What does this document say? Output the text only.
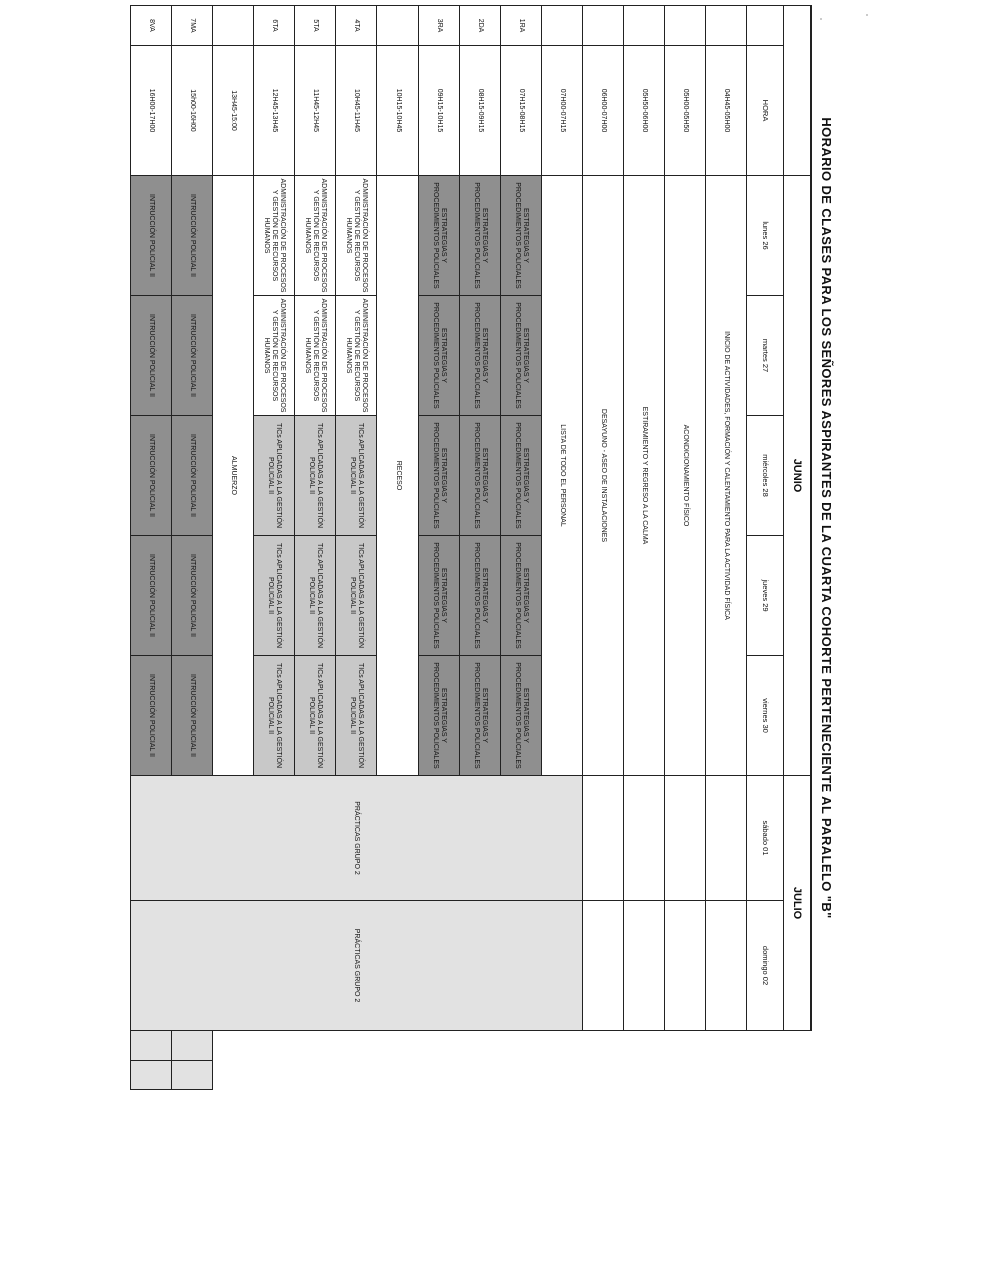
HORARIO DE CLASES PARA LOS SEÑORES ASPIRANTES DE LA CUARTA COHORTE PERTENECIENTE AL PARALELO "B"										
		JUNIO					JULIO			
	HORA	lunes 26	martes 27	miércoles 28	jueves 29	viernes 30	sábado 01	domingo 02		
	04H45-05H00	INICIO DE ACTIVIDADES, FORMACIÓN Y CALENTAMIENTO PARA LA ACTIVIDAD FÍSICA								
	05H00-05H50	ACONDICIONAMIENTO FÍSICO								
	05H50-06H00	ESTIRAMIENTO Y REGRESO A LA CALMA								
	06H00-07H00	DESAYUNO - ASEO DE INSTALACIONES								
	07H00-07H15	LISTA DE TODO EL PERSONAL					PRÁCTICAS GRUPO 2	PRÁCTICAS GRUPO 2		
1RA	07H15-08H15	ESTRATEGIAS Y PROCEDIMIENTOS POLICIALES	ESTRATEGIAS Y PROCEDIMIENTOS POLICIALES	ESTRATEGIAS Y PROCEDIMIENTOS POLICIALES	ESTRATEGIAS Y PROCEDIMIENTOS POLICIALES	ESTRATEGIAS Y PROCEDIMIENTOS POLICIALES				
2DA	08H15-09H15	ESTRATEGIAS Y PROCEDIMIENTOS POLICIALES	ESTRATEGIAS Y PROCEDIMIENTOS POLICIALES	ESTRATEGIAS Y PROCEDIMIENTOS POLICIALES	ESTRATEGIAS Y PROCEDIMIENTOS POLICIALES	ESTRATEGIAS Y PROCEDIMIENTOS POLICIALES				
3RA	09H15-10H15	ESTRATEGIAS Y PROCEDIMIENTOS POLICIALES	ESTRATEGIAS Y PROCEDIMIENTOS POLICIALES	ESTRATEGIAS Y PROCEDIMIENTOS POLICIALES	ESTRATEGIAS Y PROCEDIMIENTOS POLICIALES	ESTRATEGIAS Y PROCEDIMIENTOS POLICIALES				
	10H15-10H45	RECESO								
4TA	10H45-11H45	ADMINISTRACIÓN DE PROCESOS Y GESTIÓN DE RECURSOS HUMANOS	ADMINISTRACIÓN DE PROCESOS Y GESTIÓN DE RECURSOS HUMANOS	TICs APLICADAS A LA GESTIÓN POLICIAL II	TICs APLICADAS A LA GESTIÓN POLICIAL II	TICs APLICADAS A LA GESTIÓN POLICIAL II				
5TA	11H45-12H45	ADMINISTRACIÓN DE PROCESOS Y GESTIÓN DE RECURSOS HUMANOS	ADMINISTRACIÓN DE PROCESOS Y GESTIÓN DE RECURSOS HUMANOS	TICs APLICADAS A LA GESTIÓN POLICIAL II	TICs APLICADAS A LA GESTIÓN POLICIAL II	TICs APLICADAS A LA GESTIÓN POLICIAL II				
6TA	12H45-13H45	ADMINISTRACIÓN DE PROCESOS Y GESTIÓN DE RECURSOS HUMANOS	ADMINISTRACIÓN DE PROCESOS Y GESTIÓN DE RECURSOS HUMANOS	TICs APLICADAS A LA GESTIÓN POLICIAL II	TICs APLICADAS A LA GESTIÓN POLICIAL II	TICs APLICADAS A LA GESTIÓN POLICIAL II				
	13H45-15:00	ALMUERZO								
7MA	15h00-16H00	INTRUCCIÓN POLICIAL II	INTRUCCIÓN POLICIAL II	INTRUCCIÓN POLICIAL II	INTRUCCIÓN POLICIAL II	INTRUCCIÓN POLICIAL II				
8VA	16H00-17H00	INTRUCCIÓN POLICIAL II	INTRUCCIÓN POLICIAL II	INTRUCCIÓN POLICIAL II	INTRUCCIÓN POLICIAL II	INTRUCCIÓN POLICIAL II				
